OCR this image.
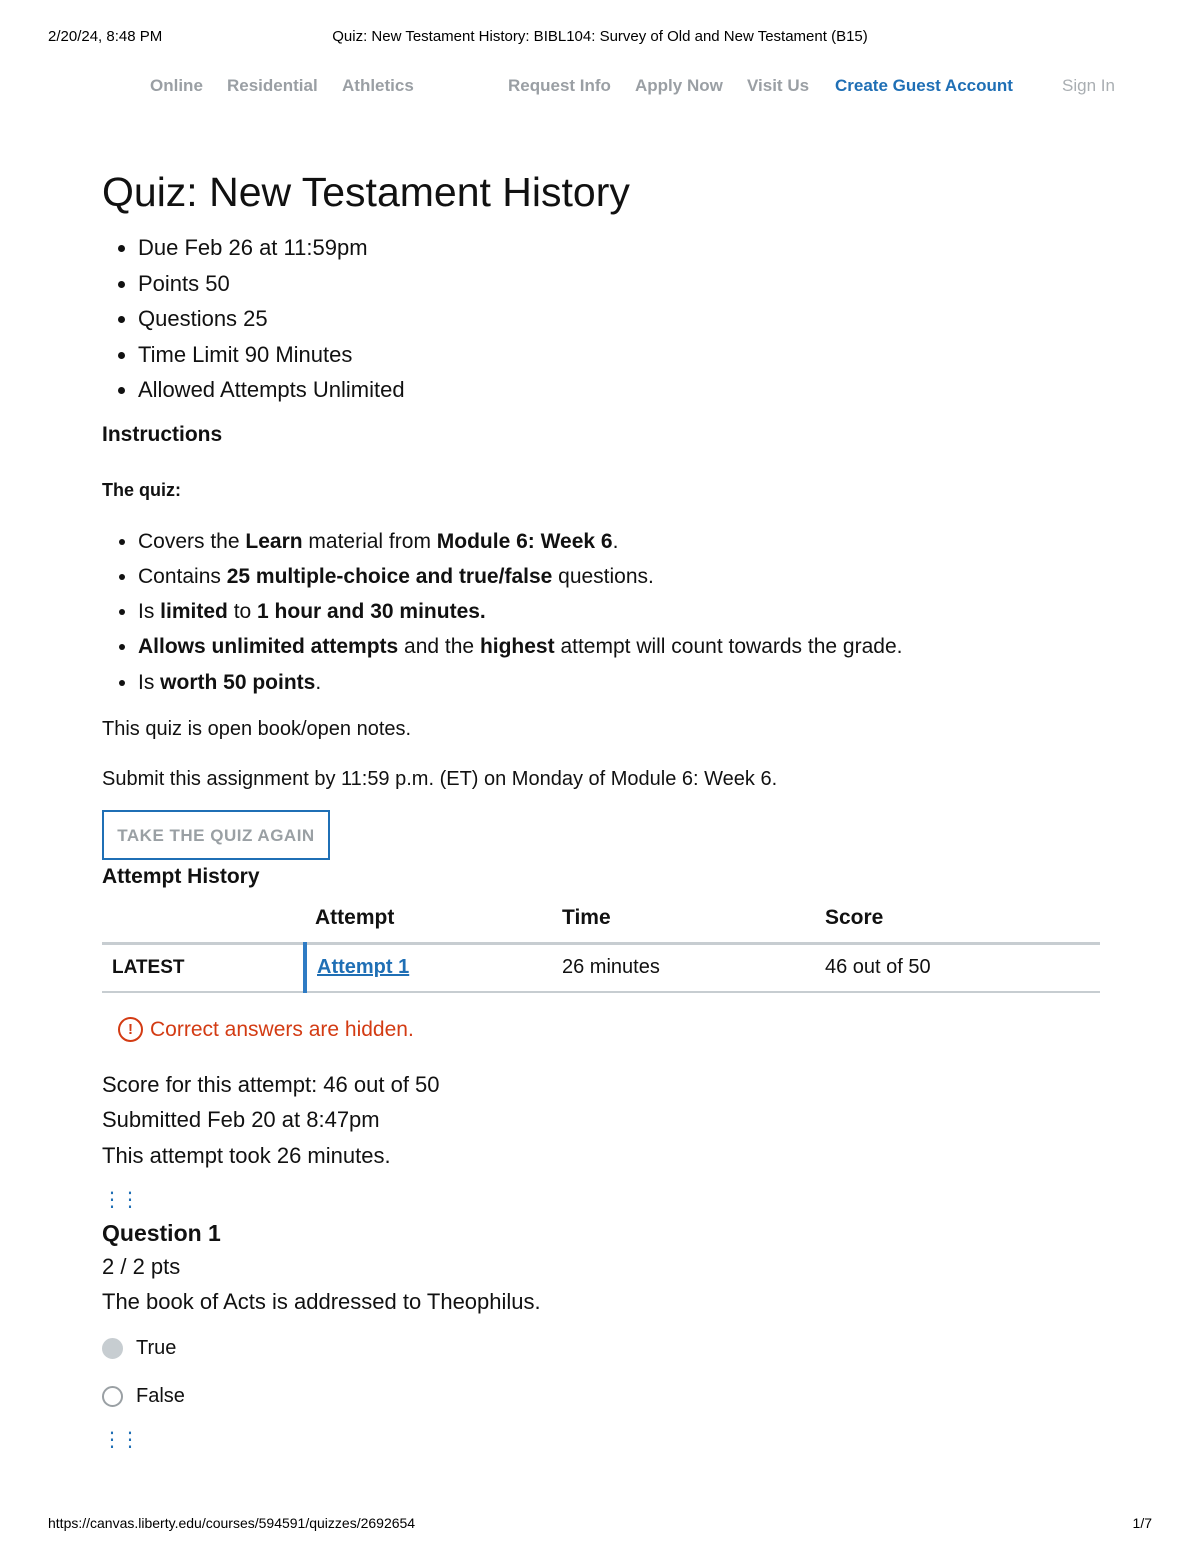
2/20/24, 8:48 PM	Quiz: New Testament History: BIBL104: Survey of Old and New Testament (B15)
Online Residential Athletics	Request Info Apply Now Visit Us Create Guest Account	Sign In
Quiz: New Testament History
• Due Feb 26 at 11:59pm
• Points 50
• Questions 25
• Time Limit 90 Minutes
• Allowed Attempts Unlimited
Instructions
The quiz:
• Covers the Learn material from Module 6: Week 6.
• Contains 25 multiple-choice and true/false questions.
• Is limited to 1 hour and 30 minutes.
• Allows unlimited attempts and the highest attempt will count towards the grade.
• Is worth 50 points.
This quiz is open book/open notes.
Submit this assignment by 11:59 p.m. (ET) on Monday of Module 6: Week 6.
TAKE THE QUIZ AGAIN
Attempt History
	Attempt	Time	Score
LATEST	Attempt 1	26 minutes	46 out of 50
! Correct answers are hidden.
Score for this attempt: 46 out of 50
Submitted Feb 20 at 8:47pm
This attempt took 26 minutes.
⋮⋮
Question 1
2 / 2 pts
The book of Acts is addressed to Theophilus.
True
False
⋮⋮
https://canvas.liberty.edu/courses/594591/quizzes/2692654	1/7
